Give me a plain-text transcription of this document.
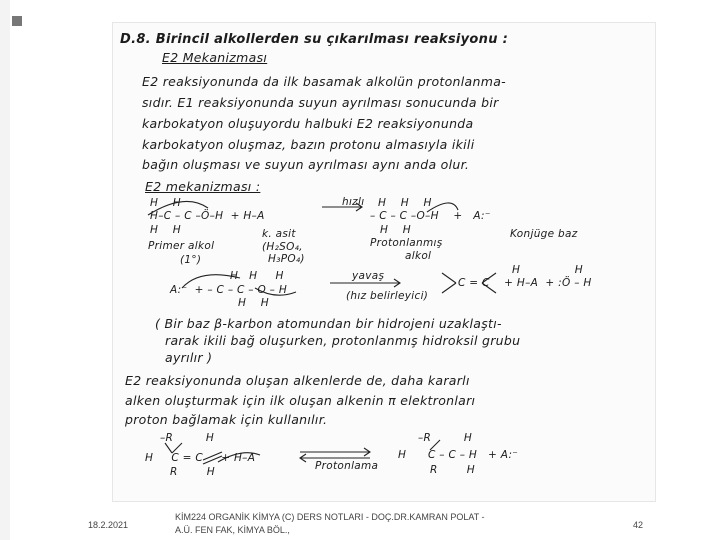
D.8. Birincil alkollerden su çıkarılması reaksiyonu :
E2 Mekanizması
E2 reaksiyonunda da ilk basamak alkolün protonlanma-
sıdır. E1 reaksiyonunda suyun ayrılması sonucunda bir
karbokatyon oluşuyordu halbuki E2 reaksiyonunda
karbokatyon oluşmaz, bazın protonu almasıyla ikili
bağın oluşması ve suyun ayrılması aynı anda olur.
E2 mekanizması :
H    H
H–C – C –Ö–H  + H–A
H    H
hızlı H    H    H
– C – C –O–H    +   A:⁻
H    H
Primer alkol
(1°)
k. asit
(H₂SO₄,
H₃PO₄)
Protonlanmış
alkol
Konjüge baz
H   H     H
A:⁻  + – C – C – O – H
H    H
yavaş
(hız belirleyici)
C = C    + H–A  + :Ö – H
H               H
( Bir baz β-karbon atomundan bir hidrojeni uzaklaştı-
rarak ikili bağ oluşurken, protonlanmış hidroksil grubu
ayrılır )
E2 reaksiyonunda oluşan alkenlerde de, daha kararlı
alken oluşturmak için ilk oluşan alkenin π elektronları
proton bağlamak için kullanılır.
–R         H
H     C = C     + H–A
R        H	Protonlama
–R         H
H      C – C – H   + A:⁻
R        H
18.2.2021
KİM224 ORGANİK KİMYA (C) DERS NOTLARI - DOÇ.DR.KAMRAN POLAT -
A.Ü. FEN FAK, KİMYA BÖL.,	42
